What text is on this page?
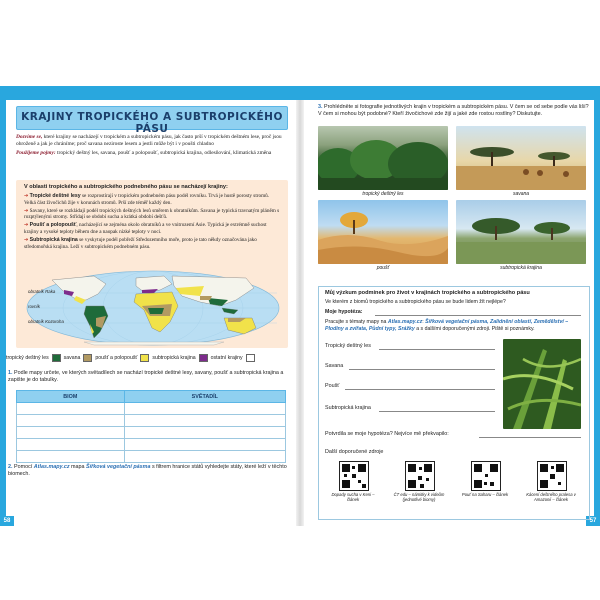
58
KRAJINY TROPICKÉHO A SUBTROPICKÉHO PÁSU

Dozvíme se, které krajiny se nacházejí v tropickém a subtropickém pásu, jak často prší v tropickém deštném lese, proč jsou ohroženě a jak je chráníme; proč savana neziroste lesem a jestli může být i v poušti chladno

Použijeme pojmy: tropický deštný les, savana, poušť a polopoušť, subtropická krajina, odlesňování, klimatická změna

V oblasti tropického a subtropického podnebného pásu se nacházejí krajiny:
➔ Tropické deštné lesy se rozprostírají v tropickém podnebném pásu podél rovníku. Trvá je hustě porosty stromů. Velká část živočichů žije v korunách stromů. Prší zde téměř každý den.
➔ Savany, které se rozkládají podél tropických deštných lesů směrem k obratníkům. Savana je typická travnatým pláněm s rozptýlenými stromy. Střídají se období sucha a krátká období dešťů.
➔ Poušť a polopoušť, nacházející se zejména okolo obratníků a ve vnitrozemí Asie. Typická je extrémně suchost krajiny a vysoké teploty během dne a naopak nízké teploty v noci.
➔ Subtropická krajina se vyskytuje podél pobřeží Středozemního moře, proto je tato někdy označována jako středomořská krajina. Leží v subtropickém podnebném pásu.
obratník Raka
rovník
obratník Kozoroha
tropický deštný les	savana	poušť a polopoušť	subtropická krajina	ostatní krajiny
1. Podle mapy určete, ve kterých světadílech se nachází tropické deštné lesy, savany, poušť a subtropická krajina a zapište je do tabulky.
BIOM	SVĚTADÍL

2. Pomocí Atlas.mapy.cz mapa Šířková vegetační pásma s filtrem hranice států vyhledejte státy, které leží v těchto biomech.
57
3. Prohlédněte si fotografie jednotlivých krajin v tropickém a subtropickém pásu. V čem se od sebe podle vás liší? V čem si mohou být podobné? Kteří živočichové zde žijí a jaké zde rostou rostliny? Diskutujte.
tropický deštný les	savana
poušť	subtropická krajina
Můj výzkum podmínek pro život v krajinách tropického a subtropického pásu
Ve kterém z biomů tropického a subtropického pásu se bude lidem žít nejlépe?
Moje hypotéza:
Pracujte s tématy mapy na Atlas.mapy.cz: Šířková vegetační pásma, Zalidnění oblastí, Zemědělství – Plodiny a zvířata, Půdní typy, Srážky a s dalšími doporučenými zdroji. Piště si poznámky.
Tropický deštný les
Savana
Poušť
Subtropická krajina
Potvrdila se moje hypotéza? Nejvíce mě překvapilo:
Další doporučené zdroje
Dopady sucha v Keni – článek
ČT edu – námitky k videům (jednotlivé biomy)
Pouť na Saharu – článek	Kácení deštného pralesa v Amazonii – článek
